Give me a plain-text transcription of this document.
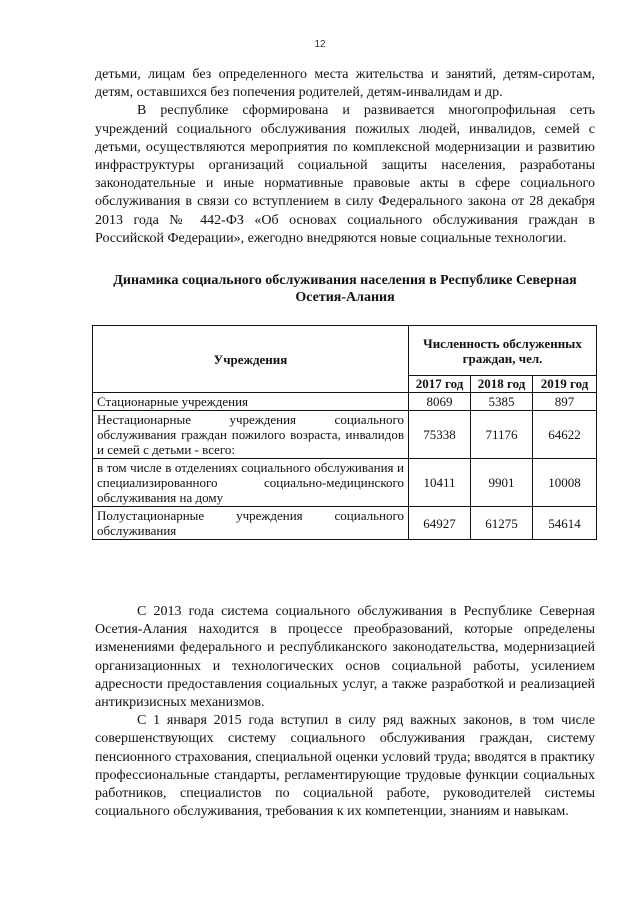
12

детьми, лицам без определенного места жительства и занятий, детям-сиротам, детям, оставшихся без попечения родителей, детям-инвалидам и др.

В республике сформирована и развивается многопрофильная сеть учреждений социального обслуживания пожилых людей, инвалидов, семей с детьми, осуществляются мероприятия по комплексной модернизации и развитию инфраструктуры организаций социальной защиты населения, разработаны законодательные и иные нормативные правовые акты в сфере социального обслуживания в связи со вступлением в силу Федерального закона от 28 декабря 2013 года № 442-ФЗ «Об основах социального обслуживания граждан в Российской Федерации», ежегодно внедряются новые социальные технологии.

Динамика социального обслуживания населения в Республике Северная Осетия-Алания
Учреждения	Численность обслуженных граждан, чел.		
	2017 год	2018 год	2019 год
Стационарные учреждения	8069	5385	897
Нестационарные учреждения социального обслуживания граждан пожилого возраста, инвалидов и семей с детьми - всего:	75338	71176	64622
в том числе в отделениях социального обслуживания и специализированного социально-медицинского обслуживания на дому	10411	9901	10008
Полустационарные учреждения социального обслуживания	64927	61275	54614

С 2013 года система социального обслуживания в Республике Северная Осетия-Алания находится в процессе преобразований, которые определены изменениями федерального и республиканского законодательства, модернизацией организационных и технологических основ социальной работы, усилением адресности предоставления социальных услуг, а также разработкой и реализацией антикризисных механизмов.

С 1 января 2015 года вступил в силу ряд важных законов, в том числе совершенствующих систему социального обслуживания граждан, систему пенсионного страхования, специальной оценки условий труда; вводятся в практику профессиональные стандарты, регламентирующие трудовые функции социальных работников, специалистов по социальной работе, руководителей системы социального обслуживания, требования к их компетенции, знаниям и навыкам.
